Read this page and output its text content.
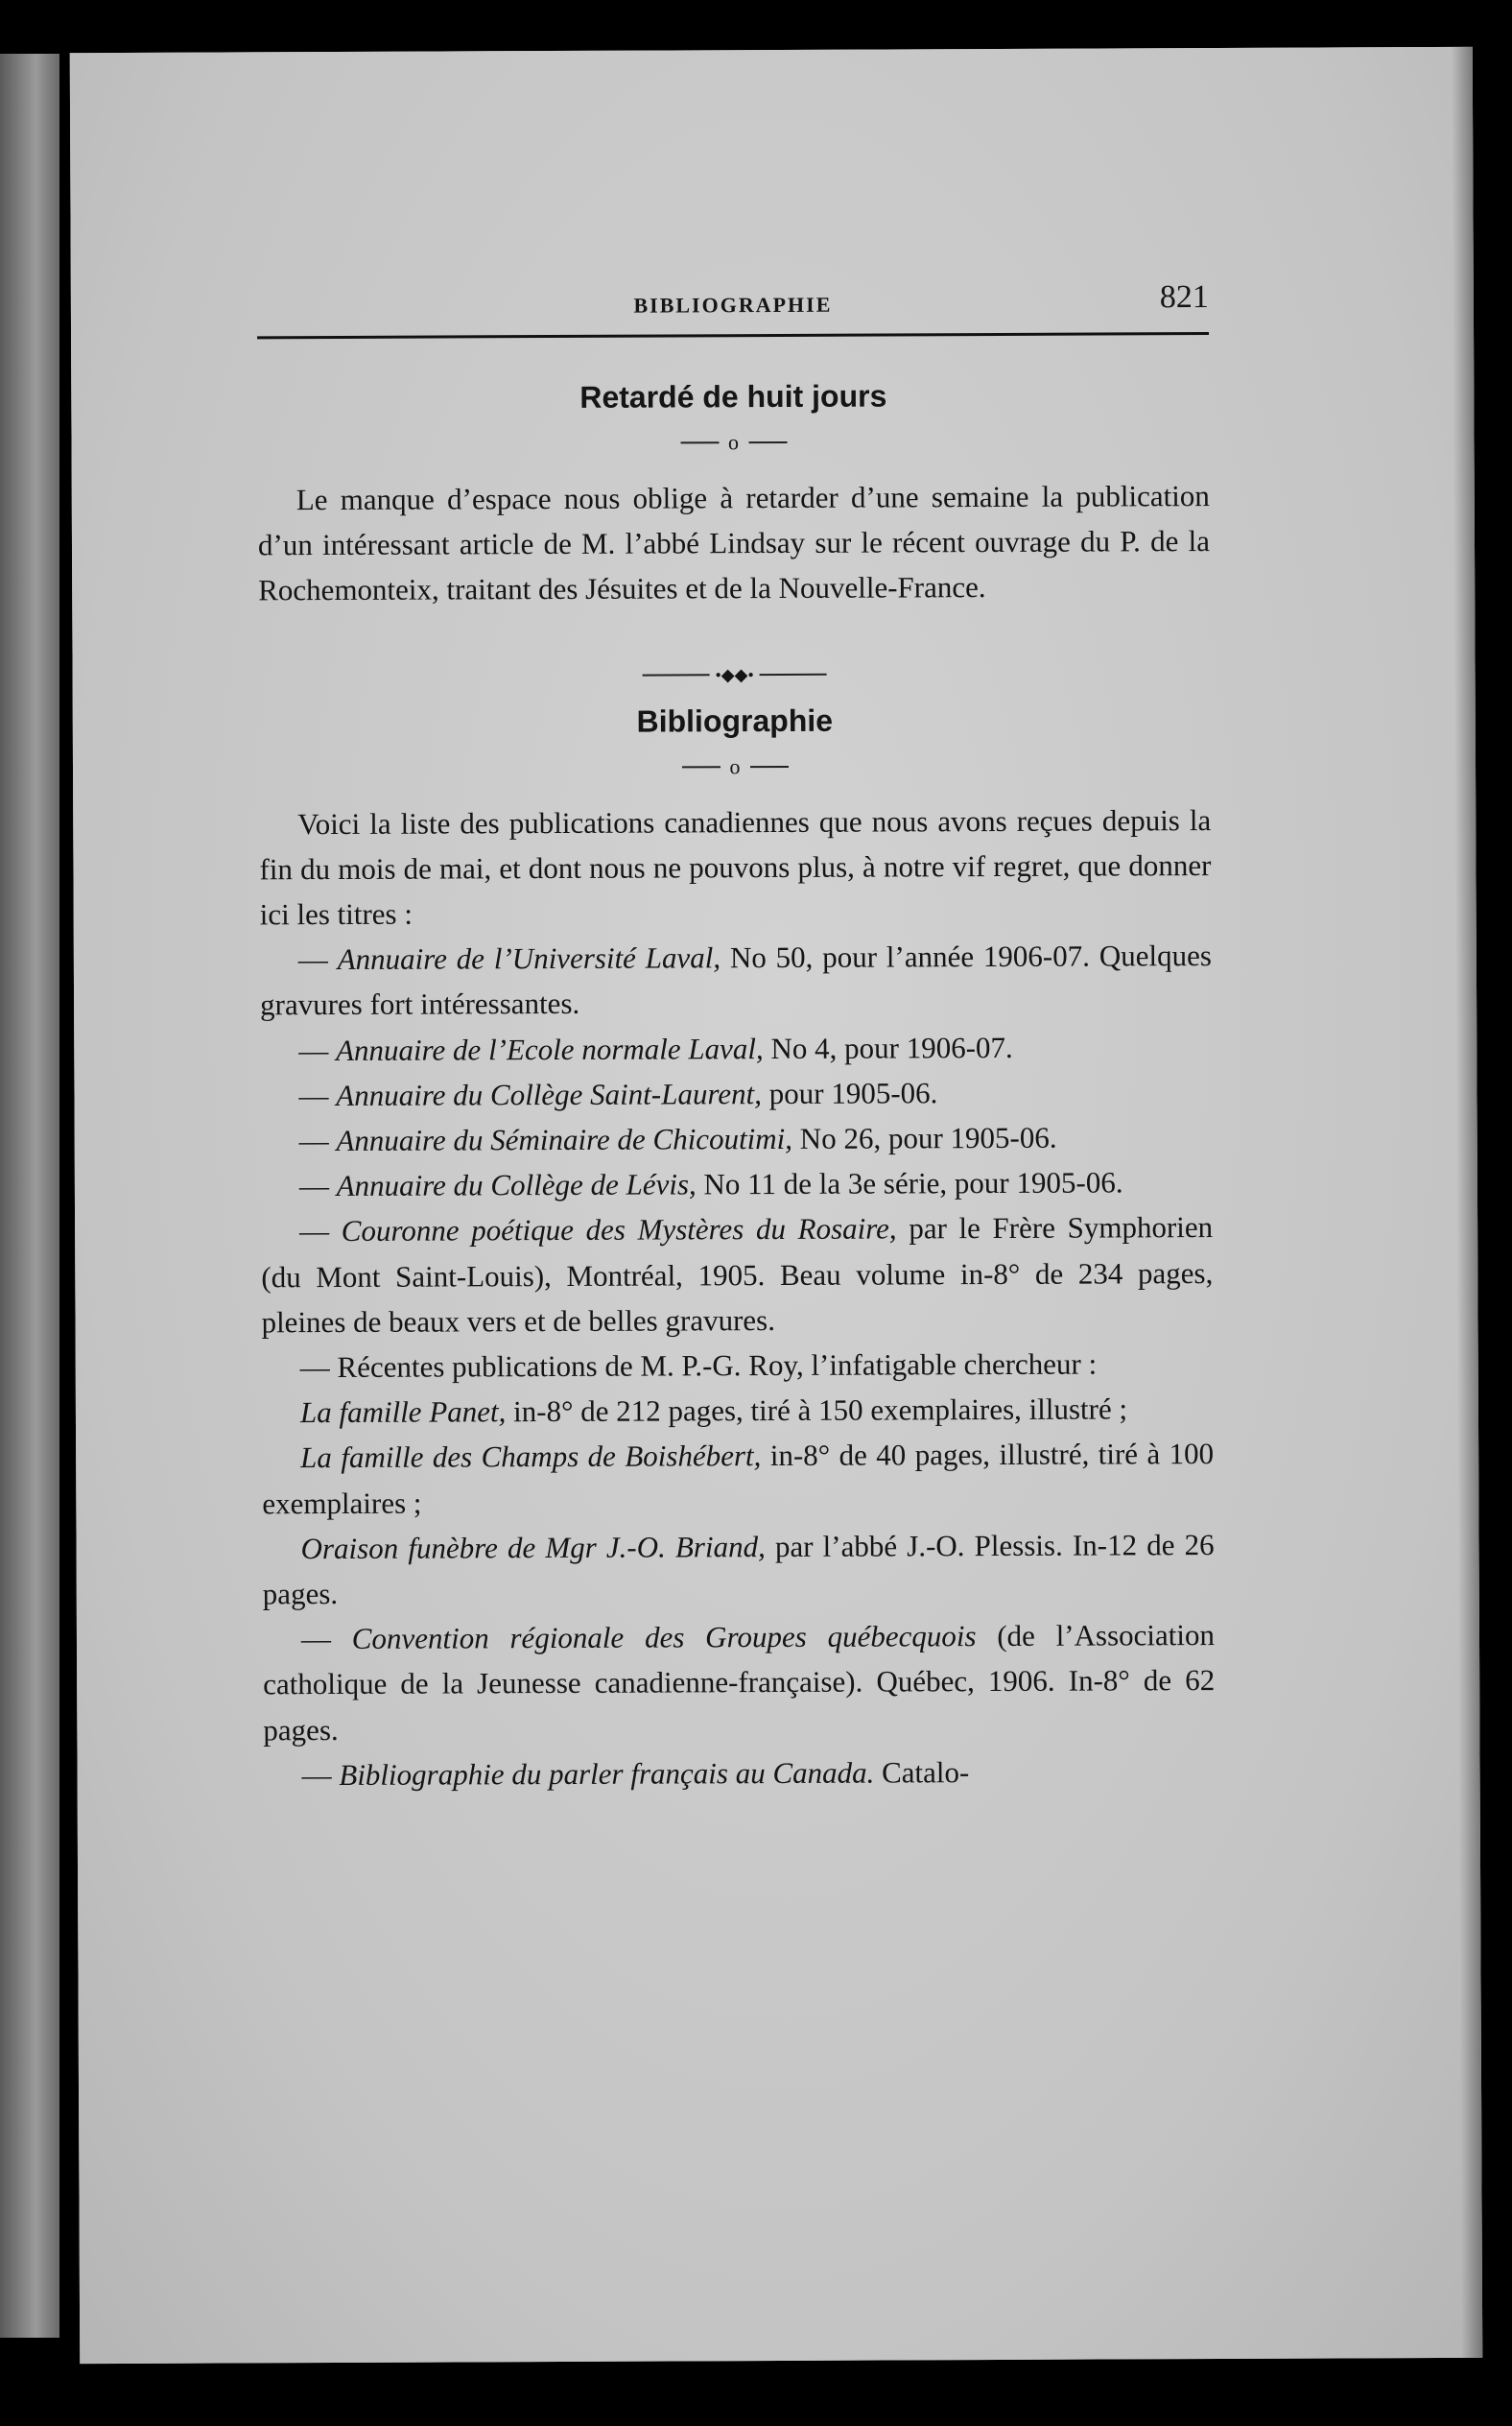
BIBLIOGRAPHIE	821
Retardé de huit jours
o

Le manque d’espace nous oblige à retarder d’une semaine la publication d’un intéressant article de M. l’abbé Lindsay sur le récent ouvrage du P. de la Rochemonteix, traitant des Jésuites et de la Nouvelle-France.

•◆◆•
Bibliographie
o

Voici la liste des publications canadiennes que nous avons reçues depuis la fin du mois de mai, et dont nous ne pouvons plus, à notre vif regret, que donner ici les titres :

— Annuaire de l’Université Laval, No 50, pour l’année 1906-07. Quelques gravures fort intéressantes.

— Annuaire de l’Ecole normale Laval, No 4, pour 1906-07.

— Annuaire du Collège Saint-Laurent, pour 1905-06.

— Annuaire du Séminaire de Chicoutimi, No 26, pour 1905-06.

— Annuaire du Collège de Lévis, No 11 de la 3e série, pour 1905-06.

— Couronne poétique des Mystères du Rosaire, par le Frère Symphorien (du Mont Saint-Louis), Montréal, 1905. Beau volume in-8° de 234 pages, pleines de beaux vers et de belles gravures.

— Récentes publications de M. P.-G. Roy, l’infatigable chercheur :

La famille Panet, in-8° de 212 pages, tiré à 150 exemplaires, illustré ;

La famille des Champs de Boishébert, in-8° de 40 pages, illustré, tiré à 100 exemplaires ;

Oraison funèbre de Mgr J.-O. Briand, par l’abbé J.-O. Plessis. In-12 de 26 pages.

— Convention régionale des Groupes québecquois (de l’Association catholique de la Jeunesse canadienne-française). Québec, 1906. In-8° de 62 pages.

— Bibliographie du parler français au Canada. Catalo-
